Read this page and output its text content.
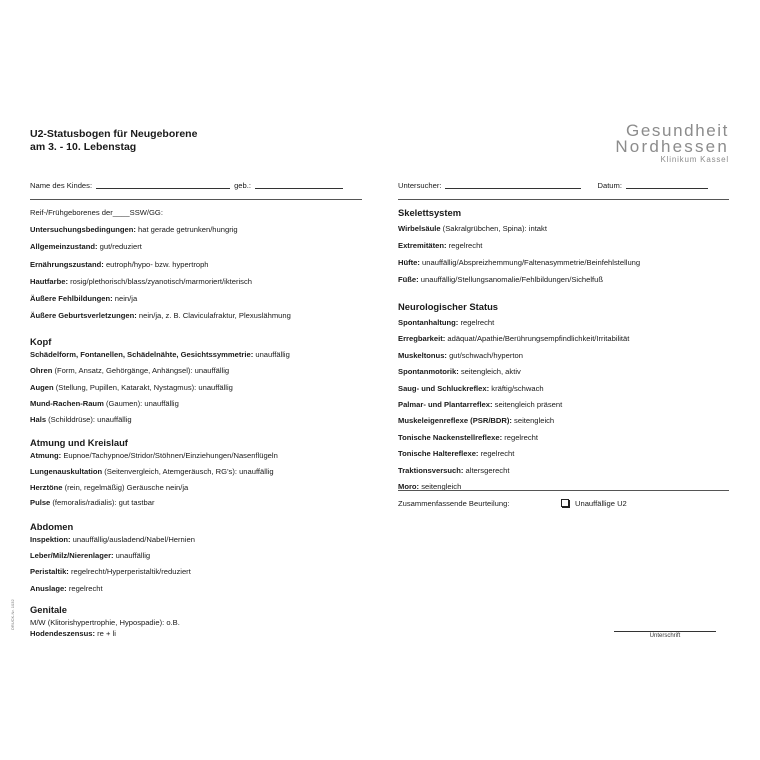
U2-Statusbogen für Neugeborene
am 3. - 10. Lebenstag
Gesundheit
Nordhessen
Klinikum Kassel
Name des Kindes:	geb.:	Untersucher:	Datum:
Reif-/Frühgeborenes der____SSW/GG:
Untersuchungsbedingungen: hat gerade getrunken/hungrig
Allgemeinzustand: gut/reduziert
Ernährungszustand: eutroph/hypo- bzw. hypertroph
Hautfarbe: rosig/plethorisch/blass/zyanotisch/marmoriert/ikterisch
Äußere Fehlbildungen: nein/ja
Äußere Geburtsverletzungen: nein/ja, z. B. Claviculafraktur, Plexuslähmung
Kopf
Schädelform, Fontanellen, Schädelnähte, Gesichtssymmetrie: unauffällig
Ohren (Form, Ansatz, Gehörgänge, Anhängsel): unauffällig
Augen (Stellung, Pupillen, Katarakt, Nystagmus): unauffällig
Mund-Rachen-Raum (Gaumen): unauffällig
Hals (Schilddrüse): unauffällig
Atmung und Kreislauf
Atmung: Eupnoe/Tachypnoe/Stridor/Stöhnen/Einziehungen/Nasenflügeln
Lungenauskultation (Seitenvergleich, Atemgeräusch, RG's): unauffällig
Herztöne (rein, regelmäßig) Geräusche nein/ja
Pulse (femoralis/radialis): gut tastbar
Abdomen
Inspektion: unauffällig/ausladend/Nabel/Hernien
Leber/Milz/Nierenlager: unauffällig
Peristaltik: regelrecht/Hyperperistaltik/reduziert
Anuslage: regelrecht
Genitale
M/W (Klitorishypertrophie, Hypospadie): o.B.
Hodendeszensus: re + li
Skelettsystem
Wirbelsäule (Sakralgrübchen, Spina): intakt
Extremitäten: regelrecht
Hüfte: unauffällig/Abspreizhemmung/Faltenasymmetrie/Beinfehlstellung
Füße: unauffällig/Stellungsanomalie/Fehlbildungen/Sichelfuß
Neurologischer Status
Spontanhaltung: regelrecht
Erregbarkeit: adäquat/Apathie/Berührungsempfindlichkeit/Irritabilität
Muskeltonus: gut/schwach/hyperton
Spontanmotorik: seitengleich, aktiv
Saug- und Schluckreflex: kräftig/schwach
Palmar- und Plantarreflex: seitengleich präsent
Muskeleigenreflexe (PSR/BDR): seitengleich
Tonische Nackenstellreflexe: regelrecht
Tonische Haltereflexe: regelrecht
Traktionsversuch: altersgerecht
Moro: seitengleich
Zusammenfassende Beurteilung:	Unauffällige U2
Unterschrift
DRUCK-Nr. 1032
